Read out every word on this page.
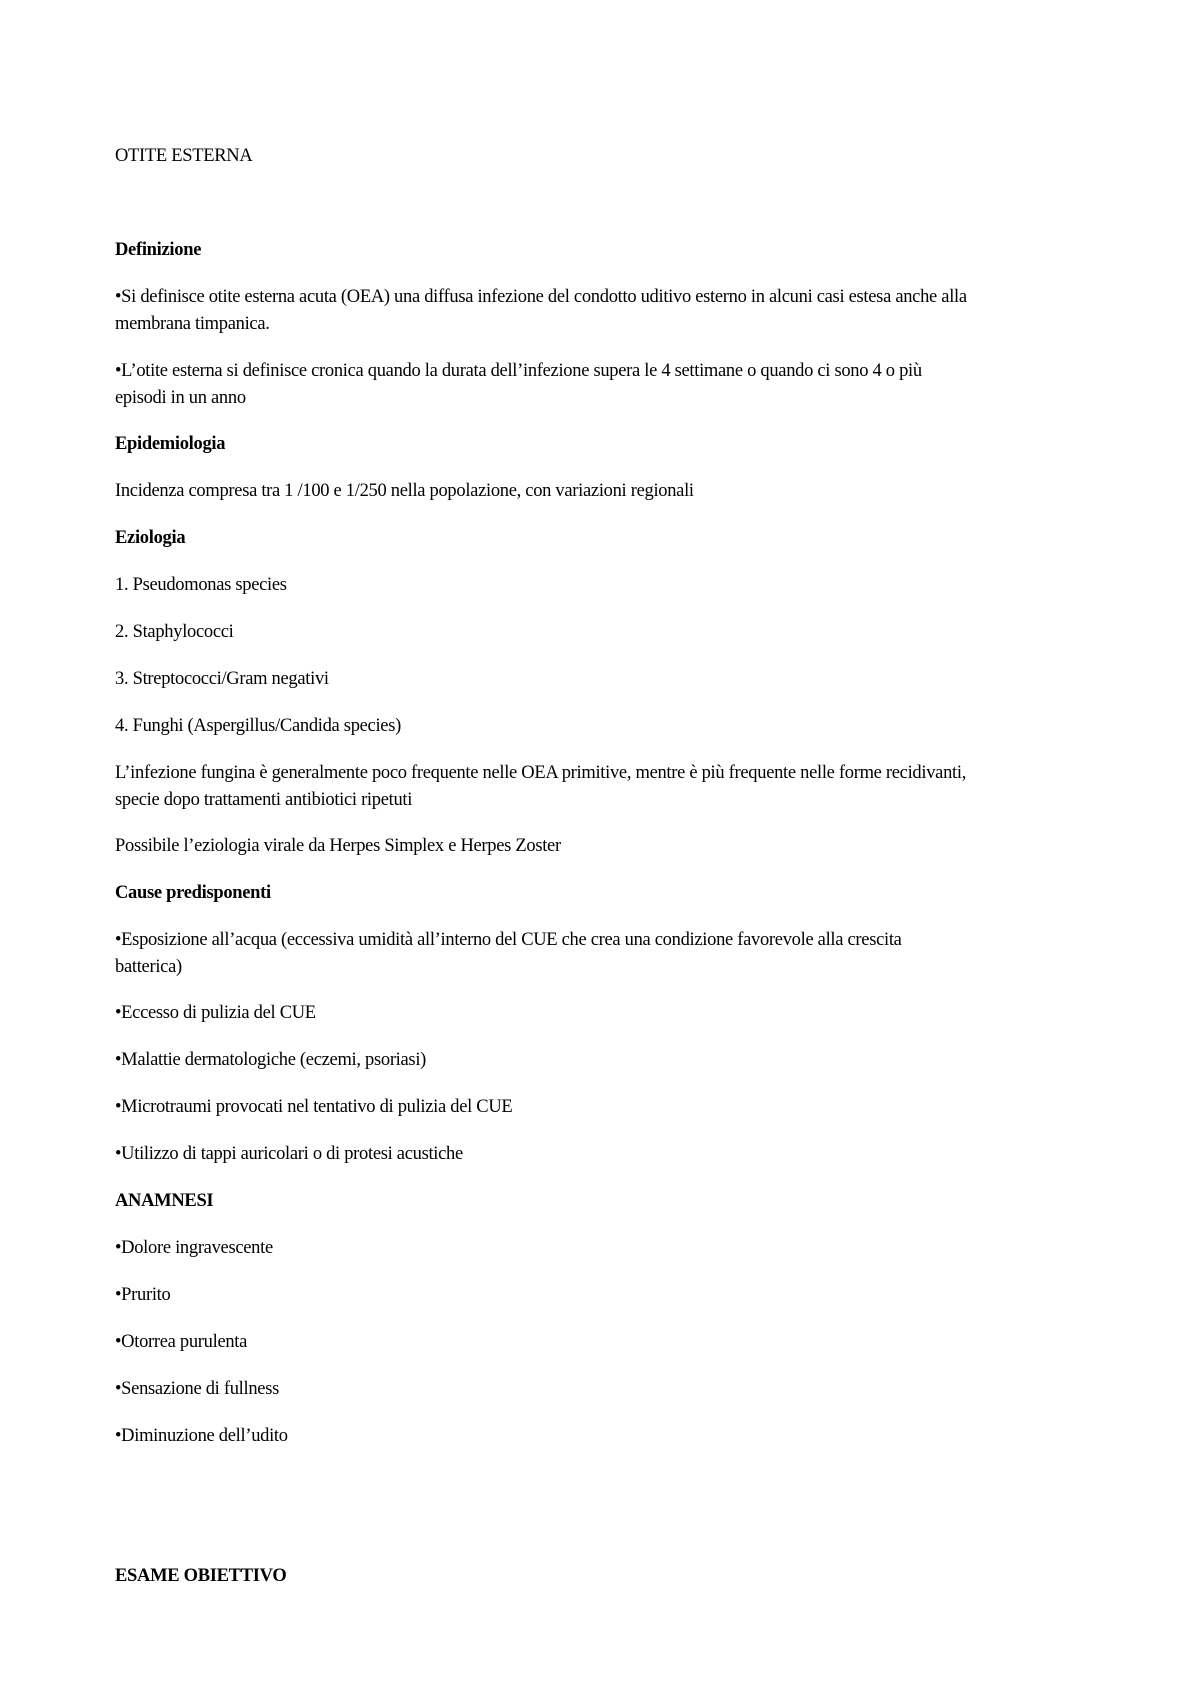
OTITE ESTERNA
Definizione
•Si definisce otite esterna acuta (OEA) una diffusa infezione del condotto uditivo esterno in alcuni casi estesa anche alla
membrana timpanica.
•L’otite esterna si definisce cronica quando la durata dell’infezione supera le 4 settimane o quando ci sono 4 o più
episodi in un anno
Epidemiologia
Incidenza compresa tra 1 /100 e 1/250 nella popolazione, con variazioni regionali
Eziologia
1. Pseudomonas species
2. Staphylococci
3. Streptococci/Gram negativi
4. Funghi (Aspergillus/Candida species)
L’infezione fungina è generalmente poco frequente nelle OEA primitive, mentre è più frequente nelle forme recidivanti,
specie dopo trattamenti antibiotici ripetuti
Possibile l’eziologia virale da Herpes Simplex e Herpes Zoster
Cause predisponenti
•Esposizione all’acqua (eccessiva umidità all’interno del CUE che crea una condizione favorevole alla crescita
batterica)
•Eccesso di pulizia del CUE
•Malattie dermatologiche (eczemi, psoriasi)
•Microtraumi provocati nel tentativo di pulizia del CUE
•Utilizzo di tappi auricolari o di protesi acustiche
ANAMNESI
•Dolore ingravescente
•Prurito
•Otorrea purulenta
•Sensazione di fullness
•Diminuzione dell’udito
ESAME OBIETTIVO
